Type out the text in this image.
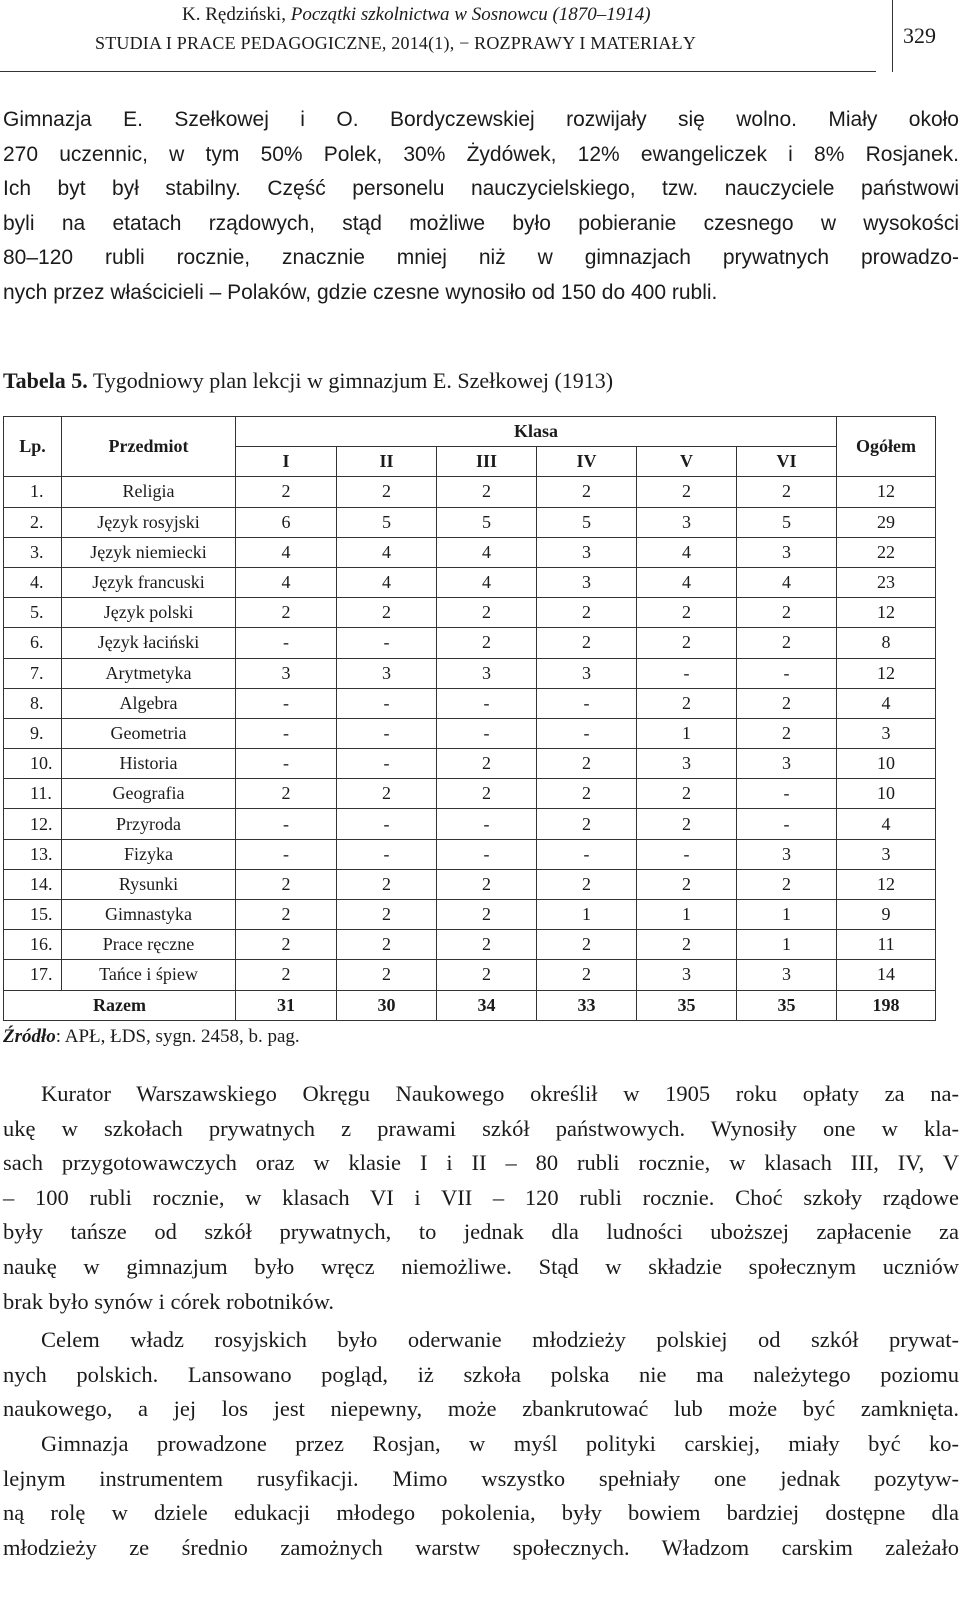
K. Rędziński, Początki szkolnictwa w Sosnowcu (1870–1914)
STUDIA I PRACE PEDAGOGICZNE, 2014(1), − ROZPRAWY I MATERIAŁY	329
Gimnazja E. Szełkowej i O. Bordyczewskiej rozwijały się wolno. Miały około
270 uczennic, w tym 50% Polek, 30% Żydówek, 12% ewangeliczek i 8% Rosjanek.
Ich byt był stabilny. Część personelu nauczycielskiego, tzw. nauczyciele państwowi
byli na etatach rządowych, stąd możliwe było pobieranie czesnego w wysokości
80–120 rubli rocznie, znacznie mniej niż w gimnazjach prywatnych prowadzo-
nych przez właścicieli – Polaków, gdzie czesne wynosiło od 150 do 400 rubli.
Tabela 5. Tygodniowy plan lekcji w gimnazjum E. Szełkowej (1913)
Lp.	Przedmiot	Klasa						Ogółem
		I	II	III	IV	V	VI	
1.	Religia	2	2	2	2	2	2	12
2.	Język rosyjski	6	5	5	5	3	5	29
3.	Język niemiecki	4	4	4	3	4	3	22
4.	Język francuski	4	4	4	3	4	4	23
5.	Język polski	2	2	2	2	2	2	12
6.	Język łaciński	-	-	2	2	2	2	8
7.	Arytmetyka	3	3	3	3	-	-	12
8.	Algebra	-	-	-	-	2	2	4
9.	Geometria	-	-	-	-	1	2	3
10.	Historia	-	-	2	2	3	3	10
11.	Geografia	2	2	2	2	2	-	10
12.	Przyroda	-	-	-	2	2	-	4
13.	Fizyka	-	-	-	-	-	3	3
14.	Rysunki	2	2	2	2	2	2	12
15.	Gimnastyka	2	2	2	1	1	1	9
16.	Prace ręczne	2	2	2	2	2	1	11
17.	Tańce i śpiew	2	2	2	2	3	3	14
Razem		31	30	34	33	35	35	198
Źródło: APŁ, ŁDS, sygn. 2458, b. pag.
Kurator Warszawskiego Okręgu Naukowego określił w 1905 roku opłaty za na-
ukę w szkołach prywatnych z prawami szkół państwowych. Wynosiły one w kla-
sach przygotowawczych oraz w klasie I i II – 80 rubli rocznie, w klasach III, IV, V
– 100 rubli rocznie, w klasach VI i VII – 120 rubli rocznie. Choć szkoły rządowe
były tańsze od szkół prywatnych, to jednak dla ludności uboższej zapłacenie za
naukę w gimnazjum było wręcz niemożliwe. Stąd w składzie społecznym uczniów
brak było synów i córek robotników.
Celem władz rosyjskich było oderwanie młodzieży polskiej od szkół prywat-
nych polskich. Lansowano pogląd, iż szkoła polska nie ma należytego poziomu
naukowego, a jej los jest niepewny, może zbankrutować lub może być zamknięta.
Gimnazja prowadzone przez Rosjan, w myśl polityki carskiej, miały być ko-
lejnym instrumentem rusyfikacji. Mimo wszystko spełniały one jednak pozytyw-
ną rolę w dziele edukacji młodego pokolenia, były bowiem bardziej dostępne dla
młodzieży ze średnio zamożnych warstw społecznych. Władzom carskim zależało
